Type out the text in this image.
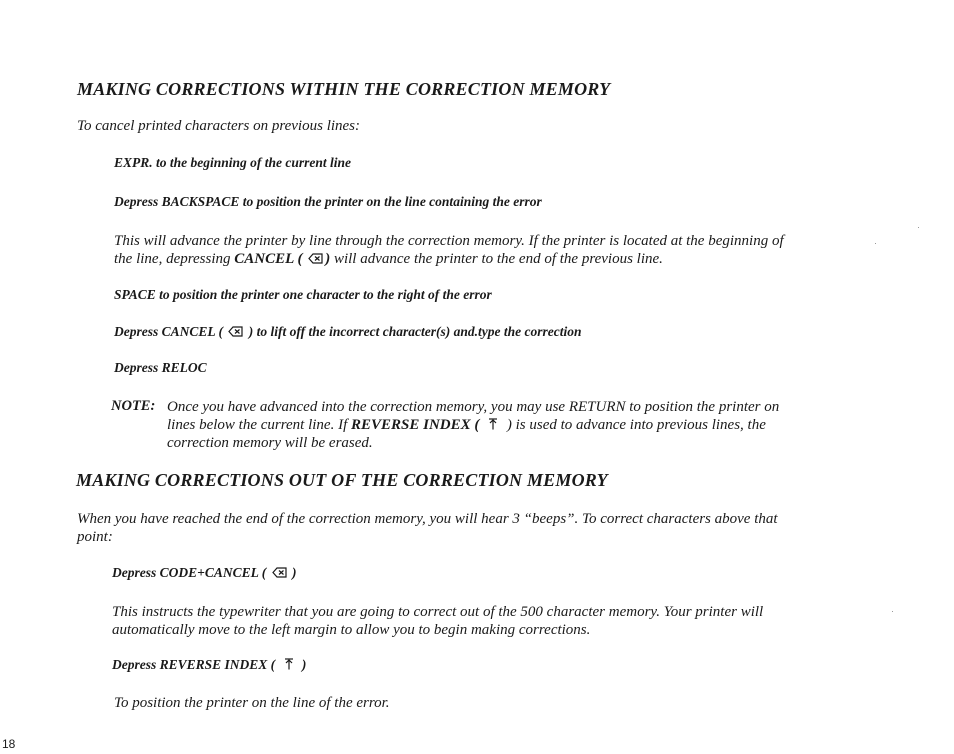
MAKING CORRECTIONS WITHIN THE CORRECTION MEMORY

To cancel printed characters on previous lines:

EXPR. to the beginning of the current line

Depress BACKSPACE to position the printer on the line containing the error

This will advance the printer by line through the correction memory. If the printer is located at the beginning of
the line, depressing CANCEL ( ) will advance the printer to the end of the previous line.

SPACE to position the printer one character to the right of the error

Depress CANCEL ( ) to lift off the incorrect character(s) and.type the correction

Depress RELOC

NOTE: Once you have advanced into the correction memory, you may use RETURN to position the printer on
lines below the current line. If REVERSE INDEX ( ) is used to advance into previous lines, the
correction memory will be erased.

MAKING CORRECTIONS OUT OF THE CORRECTION MEMORY

When you have reached the end of the correction memory, you will hear 3 “beeps”. To correct characters above that
point:

Depress CODE+CANCEL ( )

This instructs the typewriter that you are going to correct out of the 500 character memory. Your printer will
automatically move to the left margin to allow you to begin making corrections.

Depress REVERSE INDEX ( )

To position the printer on the line of the error.

18
